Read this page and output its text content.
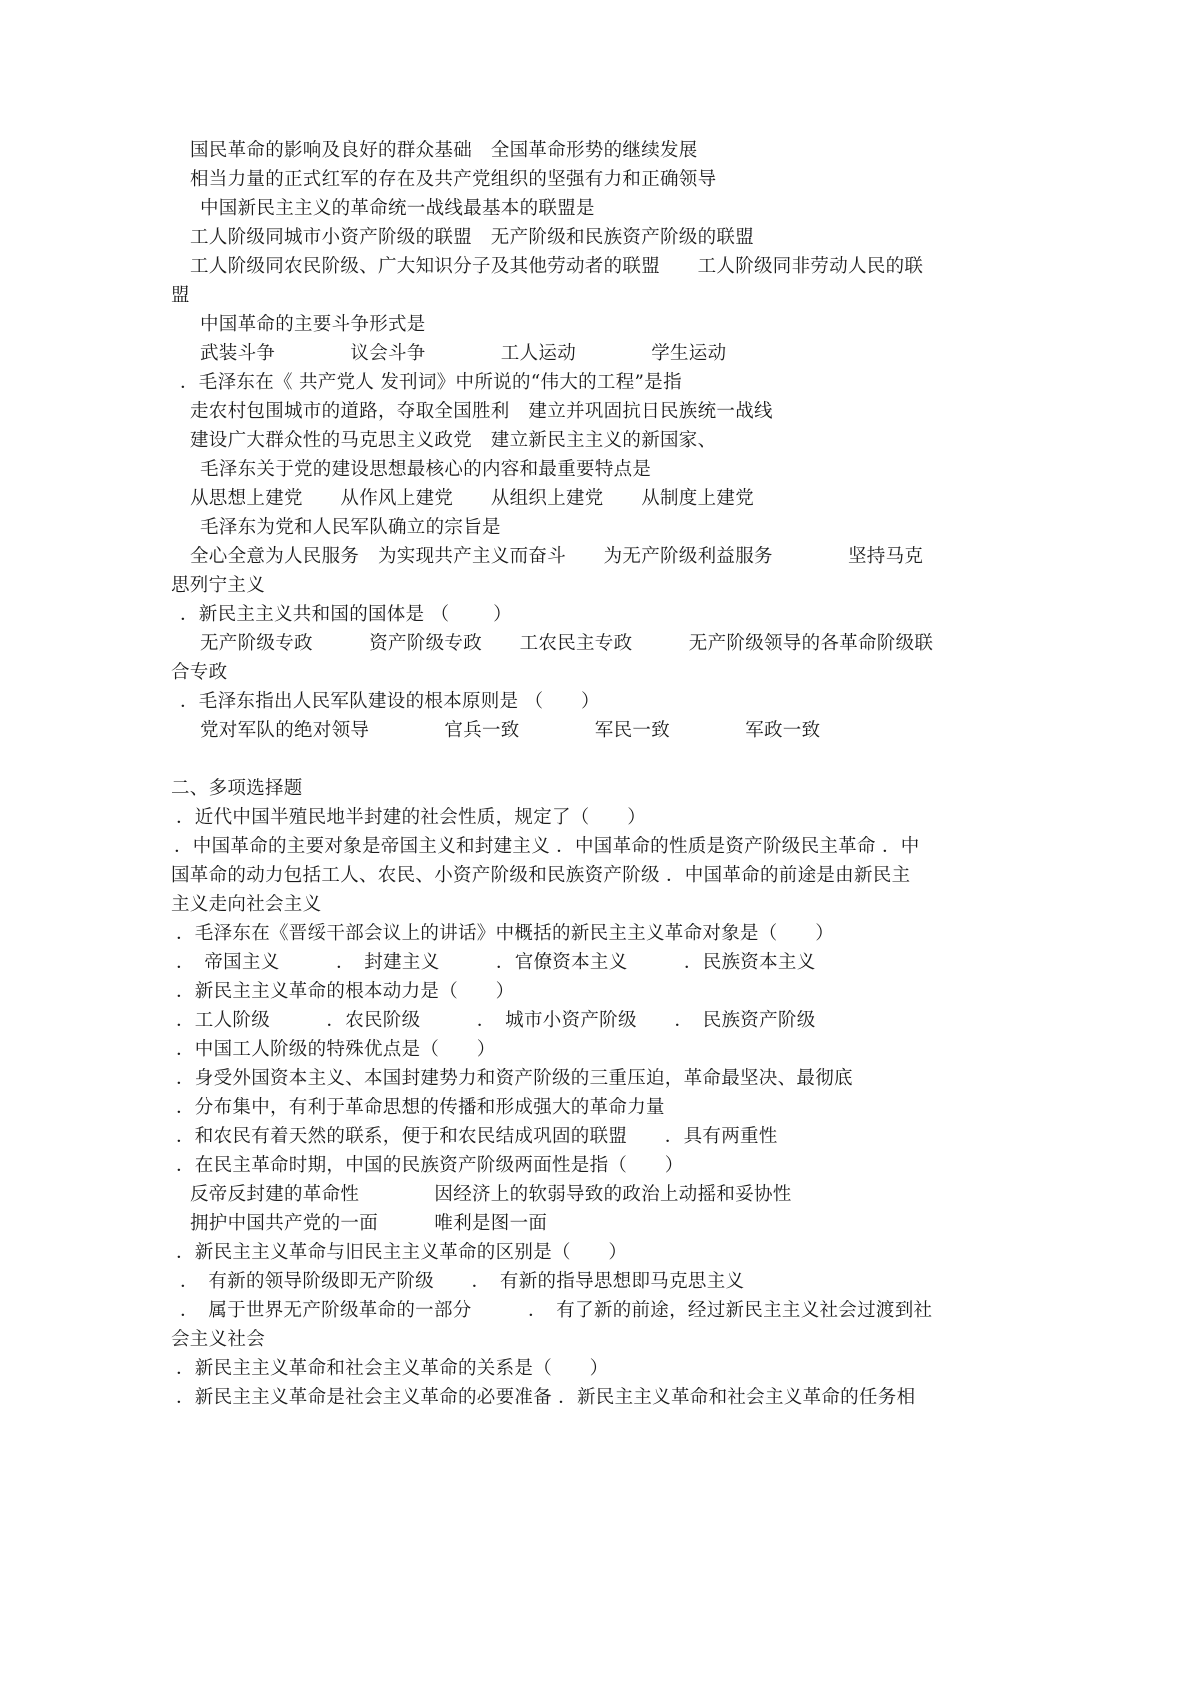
国民革命的影响及良好的群众基础　全国革命形势的继续发展
相当力量的正式红军的存在及共产党组织的坚强有力和正确领导
中国新民主主义的革命统一战线最基本的联盟是
工人阶级同城市小资产阶级的联盟　无产阶级和民族资产阶级的联盟
工人阶级同农民阶级、广大知识分子及其他劳动者的联盟　　工人阶级同非劳动人民的联
盟
中国革命的主要斗争形式是
武装斗争　　　　议会斗争　　　　工人运动　　　　学生运动
．毛泽东在《 共产党人 发刊词》中所说的“伟大的工程”是指
走农村包围城市的道路，夺取全国胜利　建立并巩固抗日民族统一战线
建设广大群众性的马克思主义政党　建立新民主主义的新国家、
毛泽东关于党的建设思想最核心的内容和最重要特点是
从思想上建党　　从作风上建党　　从组织上建党　　从制度上建党
毛泽东为党和人民军队确立的宗旨是
全心全意为人民服务　为实现共产主义而奋斗　　为无产阶级利益服务　　　　坚持马克
思列宁主义
．新民主主义共和国的国体是 （　　 ）
无产阶级专政　　　资产阶级专政　　工农民主专政　　　无产阶级领导的各革命阶级联
合专政
．毛泽东指出人民军队建设的根本原则是 （　　）
党对军队的绝对领导　　　　官兵一致　　　　军民一致　　　　军政一致
二、多项选择题
．近代中国半殖民地半封建的社会性质，规定了（　　）
．中国革命的主要对象是帝国主义和封建主义 ．中国革命的性质是资产阶级民主革命 ．中
国革命的动力包括工人、农民、小资产阶级和民族资产阶级 ．中国革命的前途是由新民主
主义走向社会主义
．毛泽东在《晋绥干部会议上的讲话》中概括的新民主主义革命对象是（　　）
．　帝国主义　　　．　封建主义　　　．官僚资本主义　　　．民族资本主义
．新民主主义革命的根本动力是（　　）
．工人阶级　　　．农民阶级　　　．　城市小资产阶级　　．　民族资产阶级
．中国工人阶级的特殊优点是（　　）
．身受外国资本主义、本国封建势力和资产阶级的三重压迫，革命最坚决、最彻底
．分布集中，有利于革命思想的传播和形成强大的革命力量
．和农民有着天然的联系，便于和农民结成巩固的联盟　　．具有两重性
．在民主革命时期，中国的民族资产阶级两面性是指（　　）
反帝反封建的革命性　　　　因经济上的软弱导致的政治上动摇和妥协性
拥护中国共产党的一面　　　唯利是图一面
．新民主主义革命与旧民主主义革命的区别是（　　）
．　有新的领导阶级即无产阶级　　．　有新的指导思想即马克思主义
．　属于世界无产阶级革命的一部分　　　．　有了新的前途，经过新民主主义社会过渡到社
会主义社会
．新民主主义革命和社会主义革命的关系是（　　）
．新民主主义革命是社会主义革命的必要准备 ．新民主主义革命和社会主义革命的任务相
